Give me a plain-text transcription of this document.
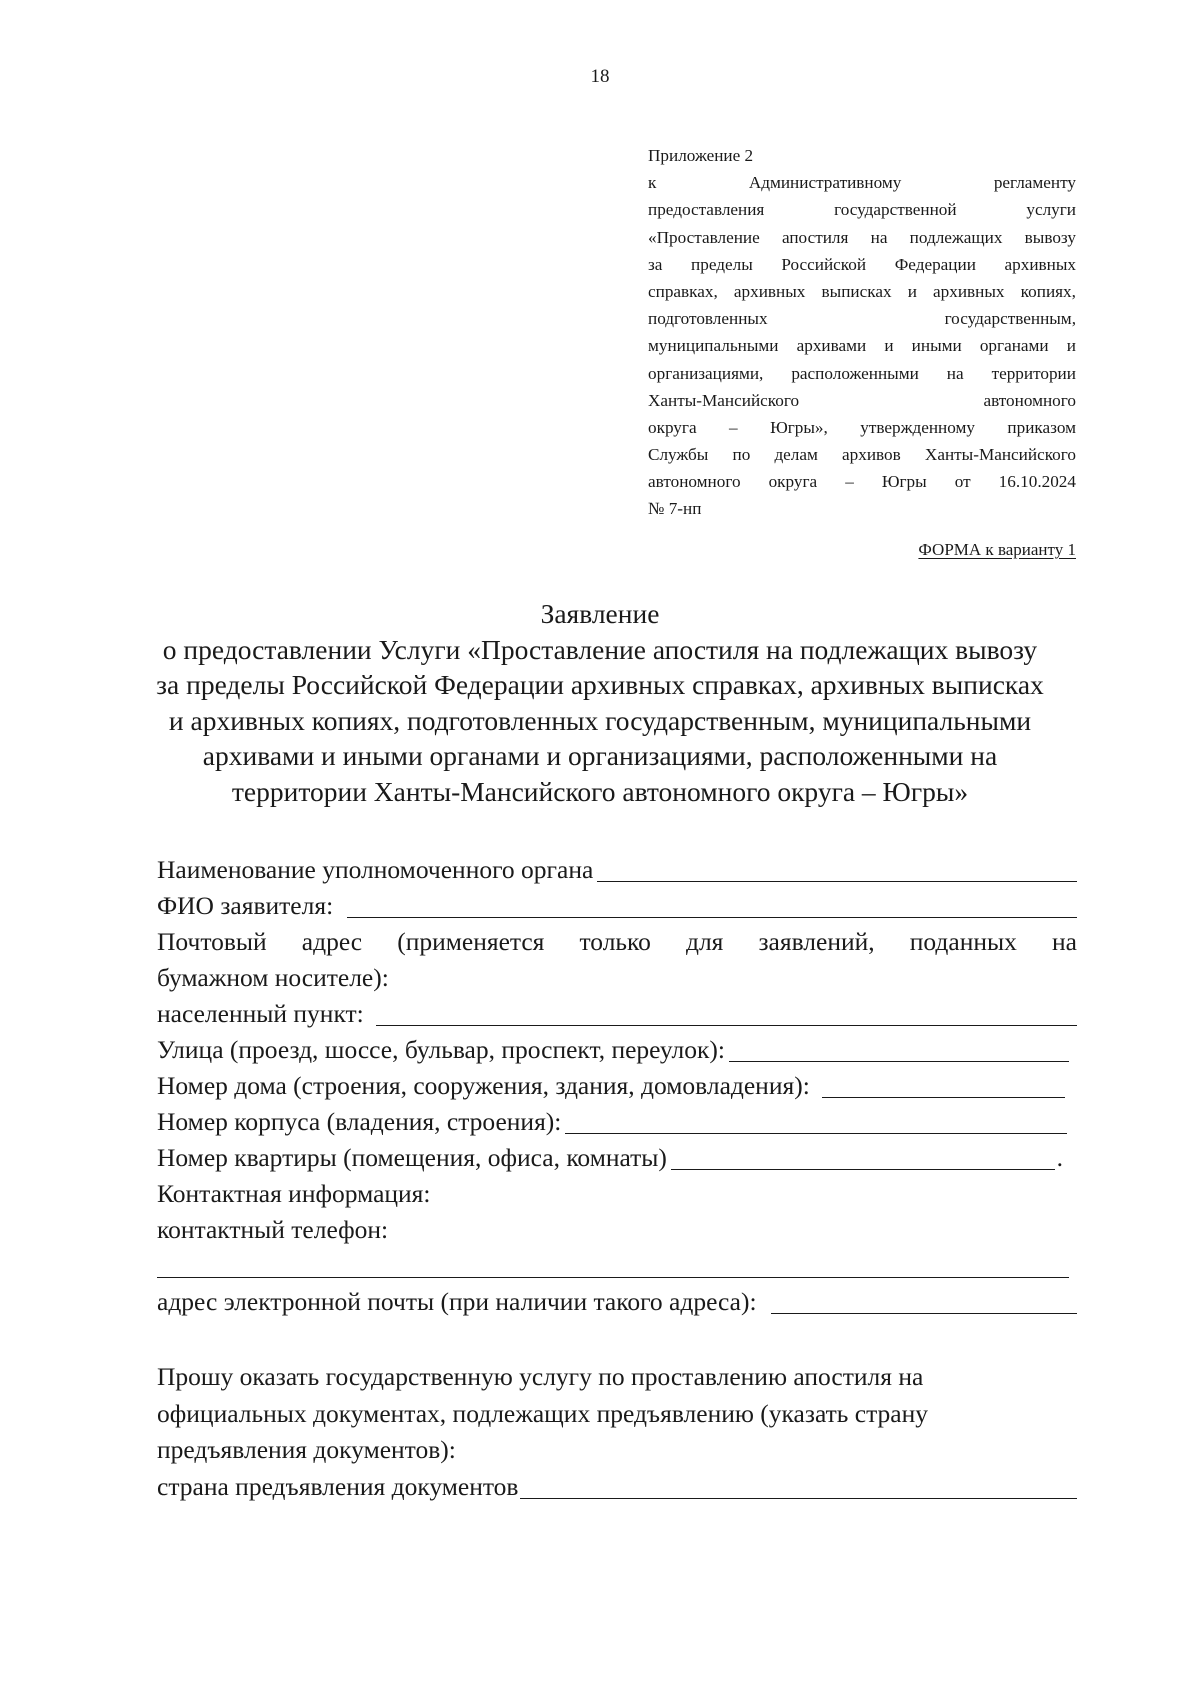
18
Приложение 2
к	Административному	регламенту
предоставления	государственной	услуги
«Проставление апостиля на подлежащих вывозу
за пределы Российской Федерации архивных
справках, архивных выписках и архивных копиях,
подготовленных	государственным,
муниципальными архивами и иными органами и
организациями, расположенными на территории
Ханты-Мансийского	автономного
округа – Югры», утвержденному приказом
Службы по делам архивов Ханты-Мансийского
автономного округа – Югры от 16.10.2024
№ 7-нп
ФОРМА к варианту 1
Заявление
о предоставлении Услуги «Проставление апостиля на подлежащих вывозу
за пределы Российской Федерации архивных справках, архивных выписках
и архивных копиях, подготовленных государственным, муниципальными
архивами и иными органами и организациями, расположенными на
территории Ханты-Мансийского автономного округа – Югры»
Наименование уполномоченного органа
ФИО заявителя:
Почтовый адрес (применяется только для заявлений, поданных на
бумажном носителе):
населенный пункт:
Улица (проезд, шоссе, бульвар, проспект, переулок):
Номер дома (строения, сооружения, здания, домовладения):
Номер корпуса (владения, строения):
Номер квартиры (помещения, офиса, комнаты)	.
Контактная информация:
контактный телефон:
адрес электронной почты (при наличии такого адреса):
Прошу оказать государственную услугу по проставлению апостиля на
официальных документах, подлежащих предъявлению (указать страну
предъявления документов):
страна предъявления документов
